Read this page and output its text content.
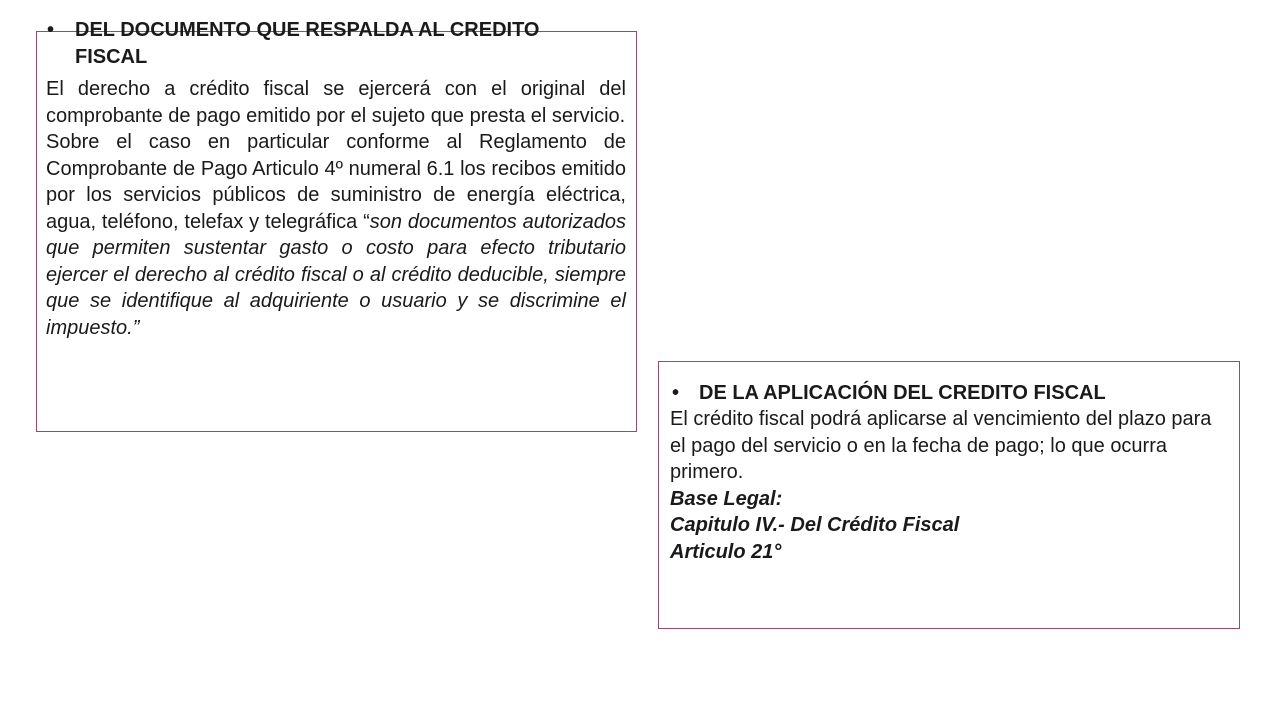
•	DEL DOCUMENTO QUE RESPALDA AL CREDITO FISCAL

El derecho a crédito fiscal se ejercerá con el original del comprobante de pago emitido por el sujeto que presta el servicio.

Sobre el caso en particular conforme al Reglamento de Comprobante de Pago Articulo 4º numeral 6.1 los recibos emitido por los servicios públicos de suministro de energía eléctrica, agua, teléfono, telefax y telegráfica “son documentos autorizados que permiten sustentar gasto o costo para efecto tributario ejercer el derecho al crédito fiscal o al crédito deducible, siempre que se identifique al adquiriente o usuario y se discrimine el impuesto.”

• DE LA APLICACIÓN DEL CREDITO FISCAL

El crédito fiscal podrá aplicarse al vencimiento del plazo para el pago del servicio o en la fecha de pago; lo que ocurra primero.

Base Legal:

Capitulo IV.- Del Crédito Fiscal

Articulo 21°
